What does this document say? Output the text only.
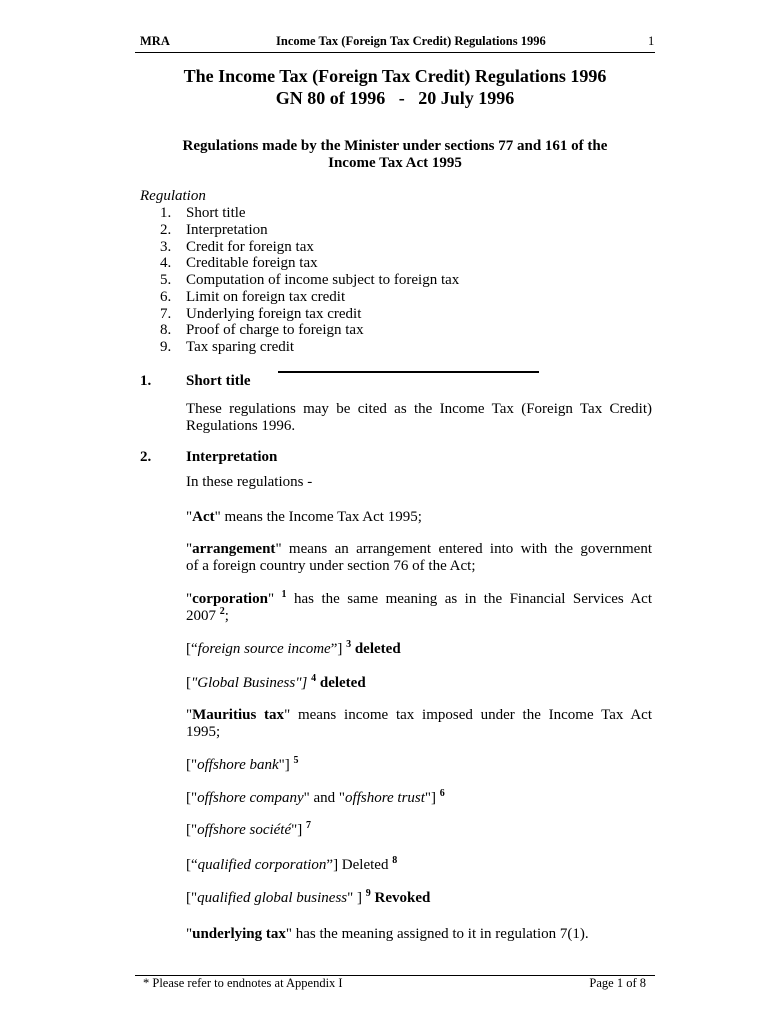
MRA	Income Tax (Foreign Tax Credit) Regulations 1996	1
The Income Tax (Foreign Tax Credit) Regulations 1996
GN 80 of 1996   -   20 July 1996
Regulations made by the Minister under sections 77 and 161 of the
Income Tax Act 1995
Regulation
1. Short title
2. Interpretation
3. Credit for foreign tax
4. Creditable foreign tax
5. Computation of income subject to foreign tax
6. Limit on foreign tax credit
7. Underlying foreign tax credit
8. Proof of charge to foreign tax
9. Tax sparing credit
1. Short title
These regulations may be cited as the Income Tax (Foreign Tax Credit)
Regulations 1996.
2. Interpretation
In these regulations -
"Act" means the Income Tax Act 1995;
"arrangement" means an arrangement entered into with the government
of a foreign country under section 76 of the Act;
"corporation" $^1$ has the same meaning as in the Financial Services Act
2007 $^2$;
[“foreign source income”] $^3$ deleted
["Global Business"] $^4$ deleted
"Mauritius tax" means income tax imposed under the Income Tax Act
1995;
["offshore bank"] $^5$
["offshore company" and "offshore trust"] $^6$
["offshore société"] $^7$
[“qualified corporation”] Deleted $^8$
["qualified global business" ] $^9$ Revoked
"underlying tax" has the meaning assigned to it in regulation 7(1).
* Please refer to endnotes at Appendix I	Page 1 of 8
